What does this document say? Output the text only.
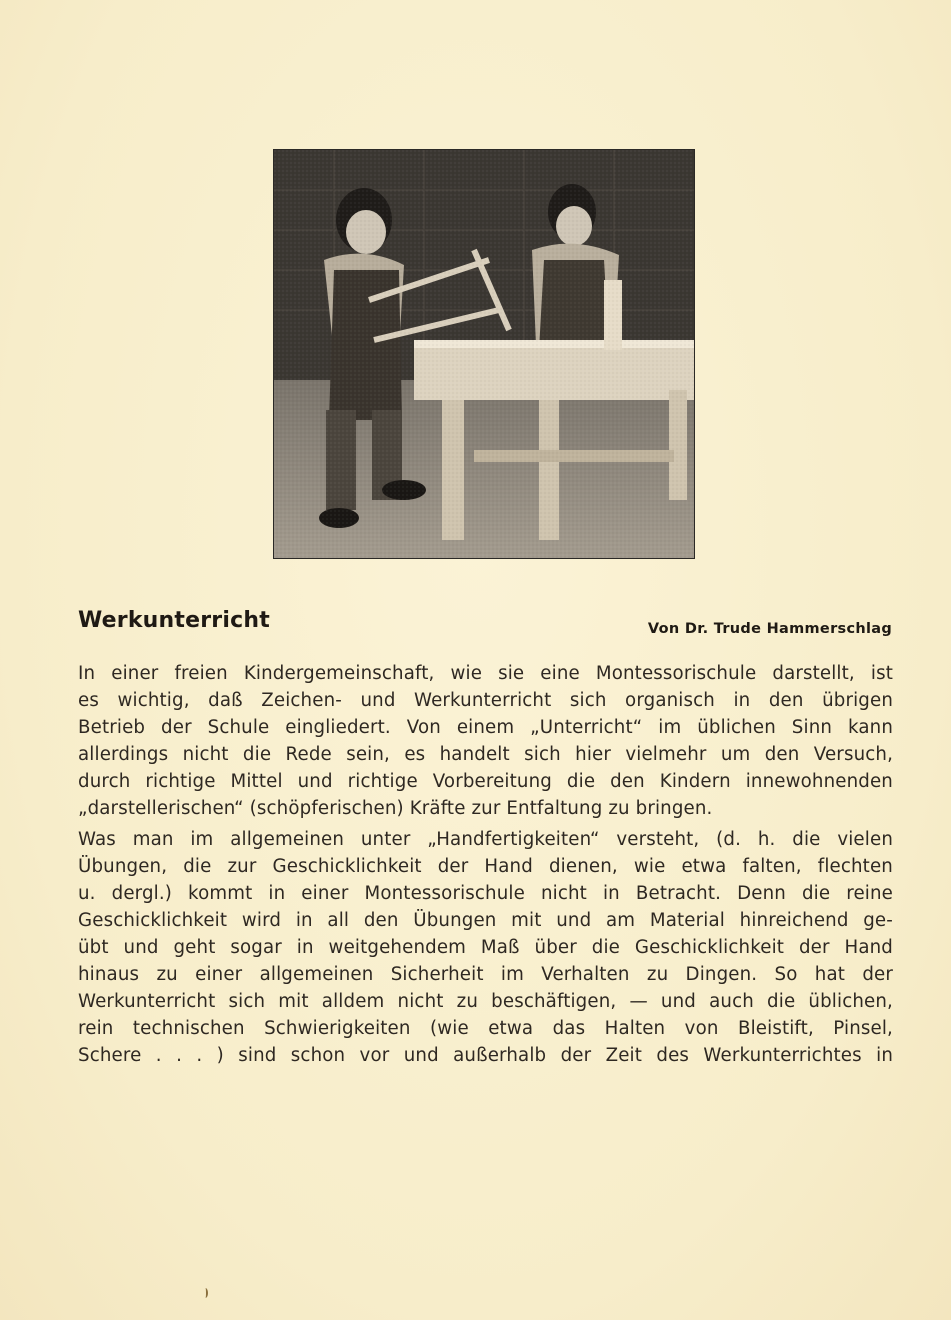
Werkunterricht	Von Dr. Trude Hammerschlag
In einer freien Kindergemeinschaft, wie sie eine Montessorischule darstellt, ist
es wichtig, daß Zeichen- und Werkunterricht sich organisch in den übrigen
Betrieb der Schule eingliedert. Von einem „Unterricht“ im üblichen Sinn kann
allerdings nicht die Rede sein, es handelt sich hier vielmehr um den Versuch,
durch richtige Mittel und richtige Vorbereitung die den Kindern innewohnenden
„darstellerischen“ (schöpferischen) Kräfte zur Entfaltung zu bringen.
Was man im allgemeinen unter „Handfertigkeiten“ versteht, (d. h. die vielen
Übungen, die zur Geschicklichkeit der Hand dienen, wie etwa falten, flechten
u. dergl.) kommt in einer Montessorischule nicht in Betracht. Denn die reine
Geschicklichkeit wird in all den Übungen mit und am Material hinreichend ge-
übt und geht sogar in weitgehendem Maß über die Geschicklichkeit der Hand
hinaus zu einer allgemeinen Sicherheit im Verhalten zu Dingen. So hat der
Werkunterricht sich mit alldem nicht zu beschäftigen, — und auch die üblichen,
rein technischen Schwierigkeiten (wie etwa das Halten von Bleistift, Pinsel,
Schere . . . ) sind schon vor und außerhalb der Zeit des Werkunterrichtes in
